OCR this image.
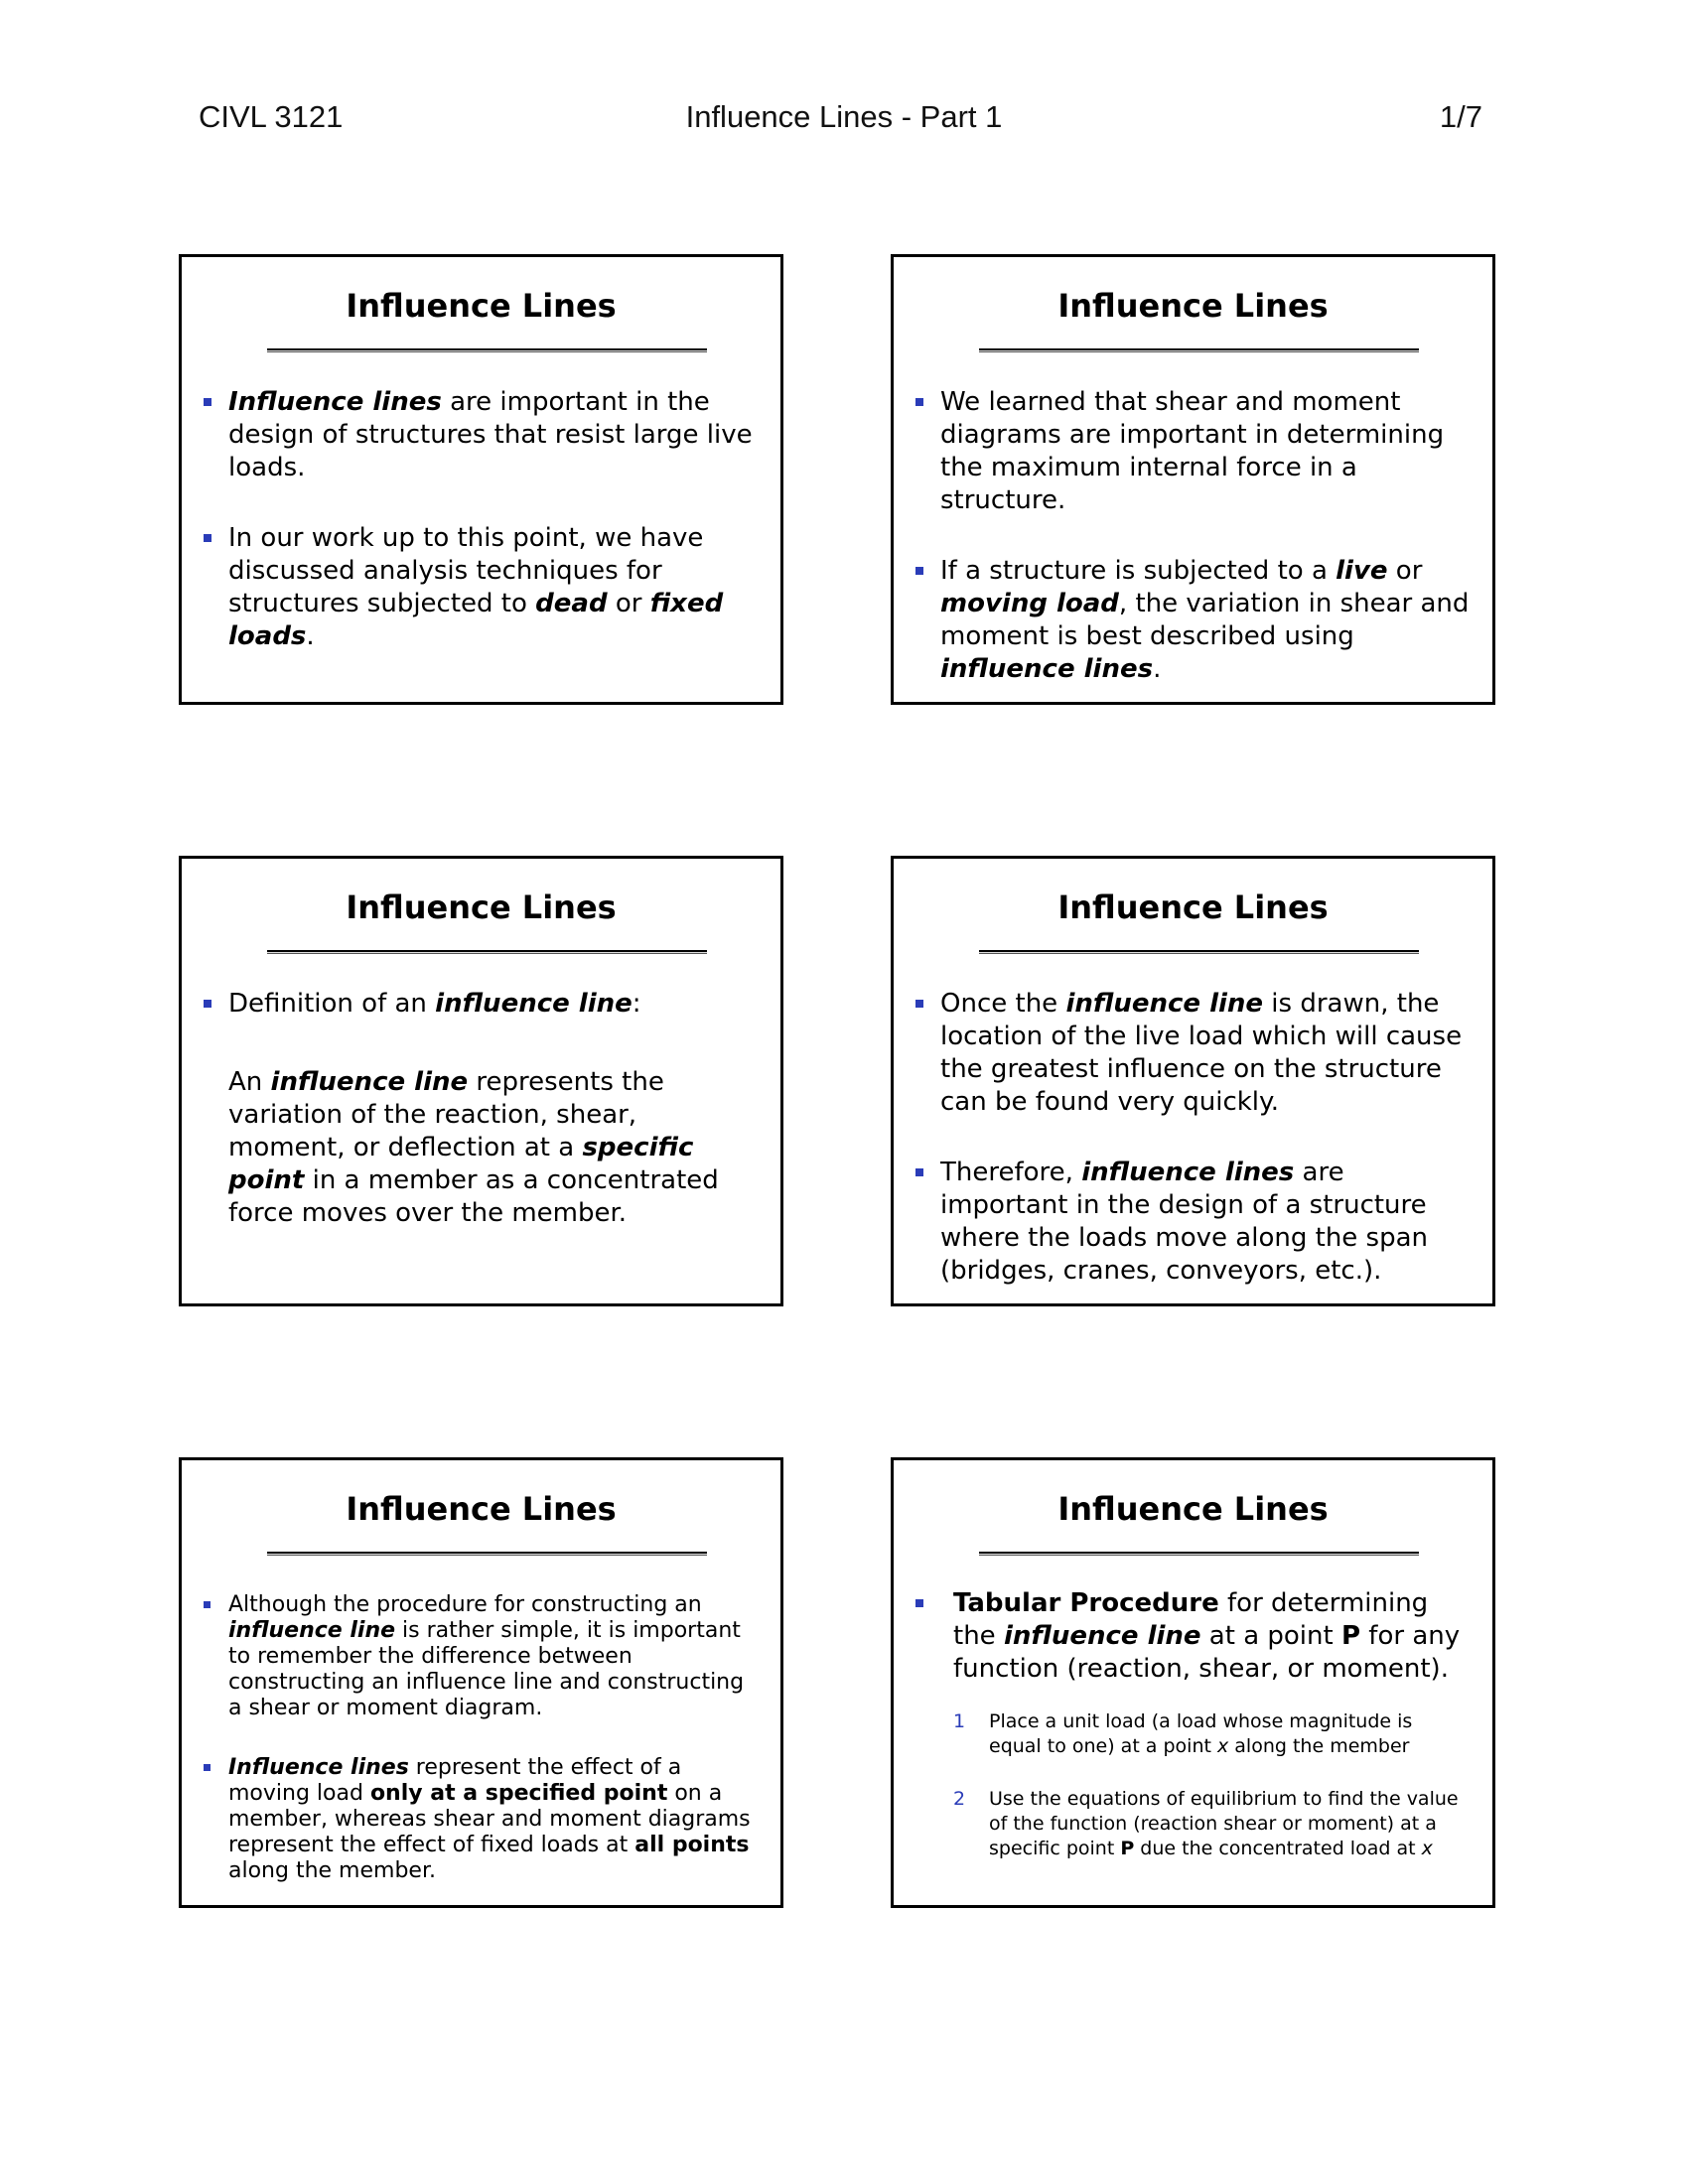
CIVL 3121	Influence Lines - Part 1	1/7
Influence Lines
Influence lines are important in the design of structures that resist large live loads.
In our work up to this point, we have discussed analysis techniques for structures subjected to dead or fixed loads.
Influence Lines
We learned that shear and moment diagrams are important in determining the maximum internal force in a structure.
If a structure is subjected to a live or moving load, the variation in shear and moment is best described using influence lines.
Influence Lines
Definition of an influence line:
An influence line represents the variation of the reaction, shear, moment, or deflection at a specific point in a member as a concentrated force moves over the member.
Influence Lines
Once the influence line is drawn, the location of the live load which will cause the greatest influence on the structure can be found very quickly.
Therefore, influence lines are important in the design of a structure where the loads move along the span (bridges, cranes, conveyors, etc.).
Influence Lines
Although the procedure for constructing an influence line is rather simple, it is important to remember the difference between constructing an influence line and constructing a shear or moment diagram.
Influence lines represent the effect of a moving load only at a specified point on a member, whereas shear and moment diagrams represent the effect of fixed loads at all points along the member.
Influence Lines
Tabular Procedure for determining the influence line at a point P for any function (reaction, shear, or moment).
1 Place a unit load (a load whose magnitude is equal to one) at a point x along the member
2 Use the equations of equilibrium to find the value of the function (reaction shear or moment) at a specific point P due the concentrated load at x
